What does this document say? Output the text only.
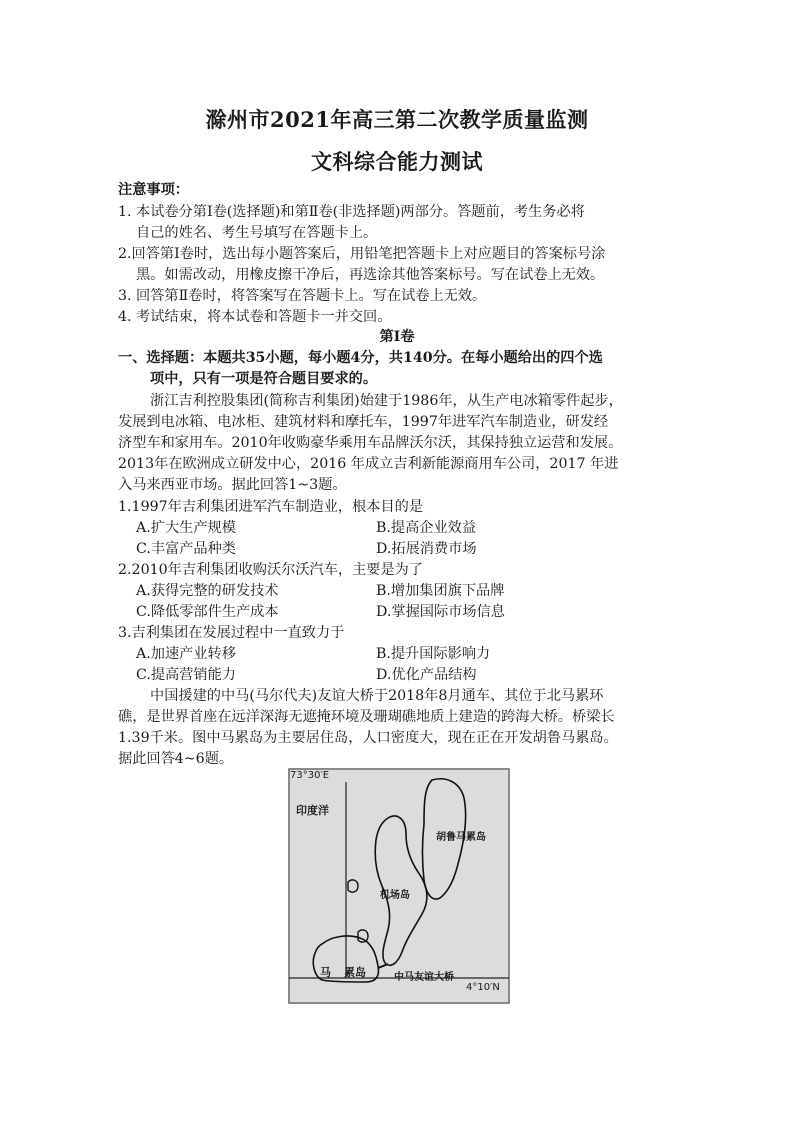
滁州市2021年高三第二次教学质量监测
文科综合能力测试
注意事项：
1. 本试卷分第Ⅰ卷(选择题)和第Ⅱ卷(非选择题)两部分。答题前，考生务必将
自己的姓名、考生号填写在答题卡上。
2.回答第Ⅰ卷时，选出每小题答案后，用铅笔把答题卡上对应题目的答案标号涂
黑。如需改动，用橡皮擦干净后，再选涂其他答案标号。写在试卷上无效。
3. 回答第Ⅱ卷时，将答案写在答题卡上。写在试卷上无效。
4. 考试结束，将本试卷和答题卡一并交回。
第Ⅰ卷
一、选择题：本题共35小题，每小题4分，共140分。在每小题给出的四个选
项中，只有一项是符合题目要求的。
浙江吉利控股集团(简称吉利集团)始建于1986年，从生产电冰箱零件起步，
发展到电冰箱、电冰柜、建筑材料和摩托车，1997年进军汽车制造业，研发经
济型车和家用车。2010年收购豪华乘用车品牌沃尔沃，其保持独立运营和发展。
2013年在欧洲成立研发中心，2016 年成立吉利新能源商用车公司，2017 年进
入马来西亚市场。据此回答1~3题。
1.1997年吉利集团进军汽车制造业，根本目的是
A.扩大生产规模	B.提高企业效益
C.丰富产品种类	D.拓展消费市场
2.2010年吉利集团收购沃尔沃汽车，主要是为了
A.获得完整的研发技术	B.增加集团旗下品牌
C.降低零部件生产成本	D.掌握国际市场信息
3.吉利集团在发展过程中一直致力于
A.加速产业转移	B.提升国际影响力
C.提高营销能力	D.优化产品结构
中国援建的中马(马尔代夫)友谊大桥于2018年8月通车、其位于北马累环
礁，是世界首座在远洋深海无遮掩环境及珊瑚礁地质上建造的跨海大桥。桥梁长
1.39千米。图中马累岛为主要居住岛，人口密度大，现在正在开发胡鲁马累岛。
据此回答4~6题。
73°30′E
印度洋
胡鲁马累岛
机场岛
马 累岛	中马友谊大桥
4°10′N
